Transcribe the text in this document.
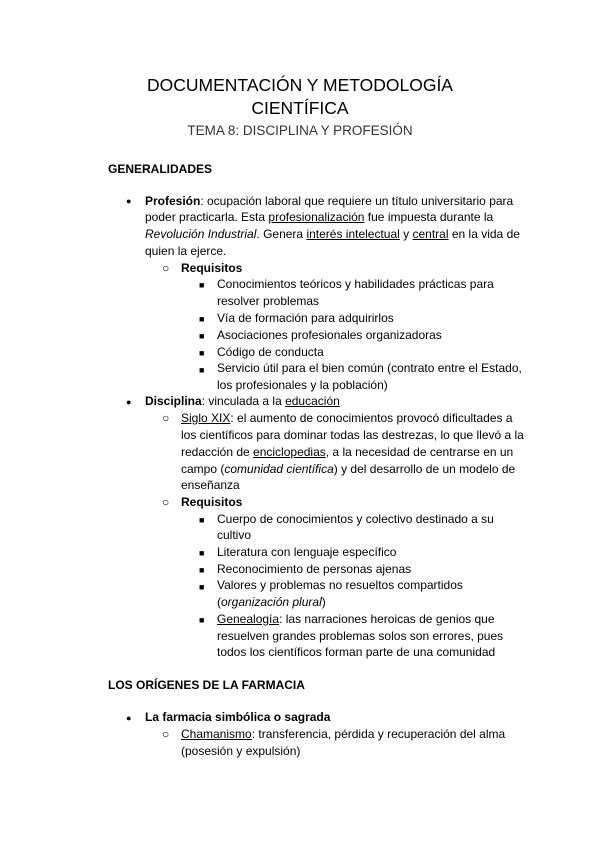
DOCUMENTACIÓN Y METODOLOGÍA
CIENTÍFICA
TEMA 8: DISCIPLINA Y PROFESIÓN
GENERALIDADES
● Profesión: ocupación laboral que requiere un título universitario para
poder practicarla. Esta profesionalización fue impuesta durante la
Revolución Industrial. Genera interés intelectual y central en la vida de
quien la ejerce.
○ Requisitos
■ Conocimientos teóricos y habilidades prácticas para
resolver problemas
■ Vía de formación para adquirirlos
■ Asociaciones profesionales organizadoras
■ Código de conducta
■ Servicio útil para el bien común (contrato entre el Estado,
los profesionales y la población)
● Disciplina: vinculada a la educación
○ Siglo XIX: el aumento de conocimientos provocó dificultades a
los científicos para dominar todas las destrezas, lo que llevó a la
redacción de enciclopedias, a la necesidad de centrarse en un
campo (comunidad científica) y del desarrollo de un modelo de
enseñanza
○ Requisitos
■ Cuerpo de conocimientos y colectivo destinado a su
cultivo
■ Literatura con lenguaje específico
■ Reconocimiento de personas ajenas
■ Valores y problemas no resueltos compartidos
(organización plural)
■ Genealogía: las narraciones heroicas de genios que
resuelven grandes problemas solos son errores, pues
todos los científicos forman parte de una comunidad
LOS ORÍGENES DE LA FARMACIA
● La farmacia simbólica o sagrada
○ Chamanismo: transferencia, pérdida y recuperación del alma
(posesión y expulsión)
